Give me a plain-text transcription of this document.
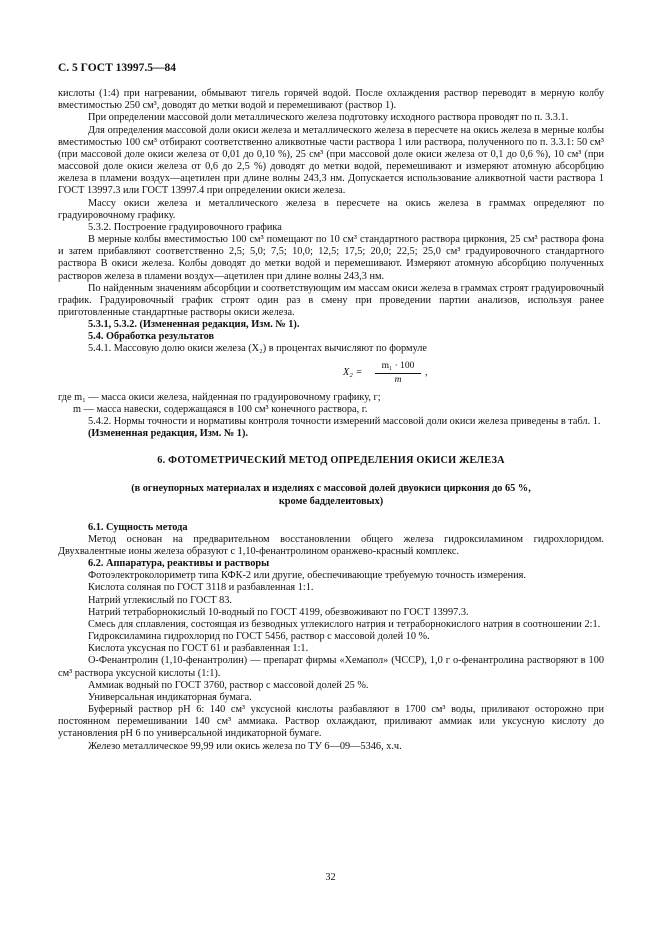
С. 5 ГОСТ 13997.5—84

кислоты (1:4) при нагревании, обмывают тигель горячей водой. После охлаждения раствор переводят в мерную колбу вместимостью 250 см³, доводят до метки водой и перемешивают (раствор 1).

При определении массовой доли металлического железа подготовку исходного раствора проводят по п. 3.3.1.

Для определения массовой доли окиси железа и металлического железа в пересчете на окись железа в мерные колбы вместимостью 100 см³ отбирают соответственно аликвотные части раствора 1 или раствора, полученного по п. 3.3.1: 50 см³ (при массовой доле окиси железа от 0,01 до 0,10 %), 25 см³ (при массовой доле окиси железа от 0,1 до 0,6 %), 10 см³ (при массовой доле окиси железа от 0,6 до 2,5 %) доводят до метки водой, перемешивают и измеряют атомную абсорбцию железа в пламени воздух—ацетилен при длине волны 243,3 нм. Допускается использование аликвотной части раствора 1 ГОСТ 13997.3 или ГОСТ 13997.4 при определении окиси железа.

Массу окиси железа и металлического железа в пересчете на окись железа в граммах определяют по градуировочному графику.

5.3.2. Построение градуировочного графика

В мерные колбы вместимостью 100 см³ помещают по 10 см³ стандартного раствора циркония, 25 см³ раствора фона и затем прибавляют соответственно 2,5; 5,0; 7,5; 10,0; 12,5; 17,5; 20,0; 22,5; 25,0 см³ градуировочного стандартного раствора В окиси железа. Колбы доводят до метки водой и перемешивают. Измеряют атомную абсорбцию полученных растворов железа в пламени воздух—ацетилен при длине волны 243,3 нм.

По найденным значениям абсорбции и соответствующим им массам окиси железа в граммах строят градуировочный график. Градуировочный график строят один раз в смену при проведении партии анализов, используя ранее приготовленные стандартные растворы окиси железа.

5.3.1, 5.3.2. (Измененная редакция, Изм. № 1).

5.4. Обработка результатов

5.4.1. Массовую долю окиси железа (X₂) в процентах вычисляют по формуле

$X_2 = \frac{\text{m₁ · 100}}{m}$ ,

где m₁ — масса окиси железа, найденная по градуировочному графику, г;

m — масса навески, содержащаяся в 100 см³ конечного раствора, г.

5.4.2. Нормы точности и нормативы контроля точности измерений массовой доли окиси железа приведены в табл. 1.

(Измененная редакция, Изм. № 1).

6. ФОТОМЕТРИЧЕСКИЙ МЕТОД ОПРЕДЕЛЕНИЯ ОКИСИ ЖЕЛЕЗА
(в огнеупорных материалах и изделиях с массовой долей двуокиси циркония до 65 %,
кроме бадделеитовых)

6.1. Сущность метода

Метод основан на предварительном восстановлении общего железа гидроксиламином гидрохлоридом. Двухвалентные ионы железа образуют с 1,10-фенантролином оранжево-красный комплекс.

6.2. Аппаратура, реактивы и растворы

Фотоэлектроколориметр типа КФК-2 или другие, обеспечивающие требуемую точность измерения.

Кислота соляная по ГОСТ 3118 и разбавленная 1:1.

Натрий углекислый по ГОСТ 83.

Натрий тетраборнокислый 10-водный по ГОСТ 4199, обезвоживают по ГОСТ 13997.3.

Смесь для сплавления, состоящая из безводных углекислого натрия и тетраборнокислого натрия в соотношении 2:1.

Гидроксиламина гидрохлорид по ГОСТ 5456, раствор с массовой долей 10 %.

Кислота уксусная по ГОСТ 61 и разбавленная 1:1.

О-Фенантролин (1,10-фенантролин) — препарат фирмы «Хемапол» (ЧССР), 1,0 г о-фенантролина растворяют в 100 см³ раствора уксусной кислоты (1:1).

Аммиак водный по ГОСТ 3760, раствор с массовой долей 25 %.

Универсальная индикаторная бумага.

Буферный раствор pH 6: 140 см³ уксусной кислоты разбавляют в 1700 см³ воды, приливают осторожно при постоянном перемешивании 140 см³ аммиака. Раствор охлаждают, приливают аммиак или уксусную кислоту до установления pH 6 по универсальной индикаторной бумаге.

Железо металлическое 99,99 или окись железа по ТУ 6—09—5346, х.ч.

32
